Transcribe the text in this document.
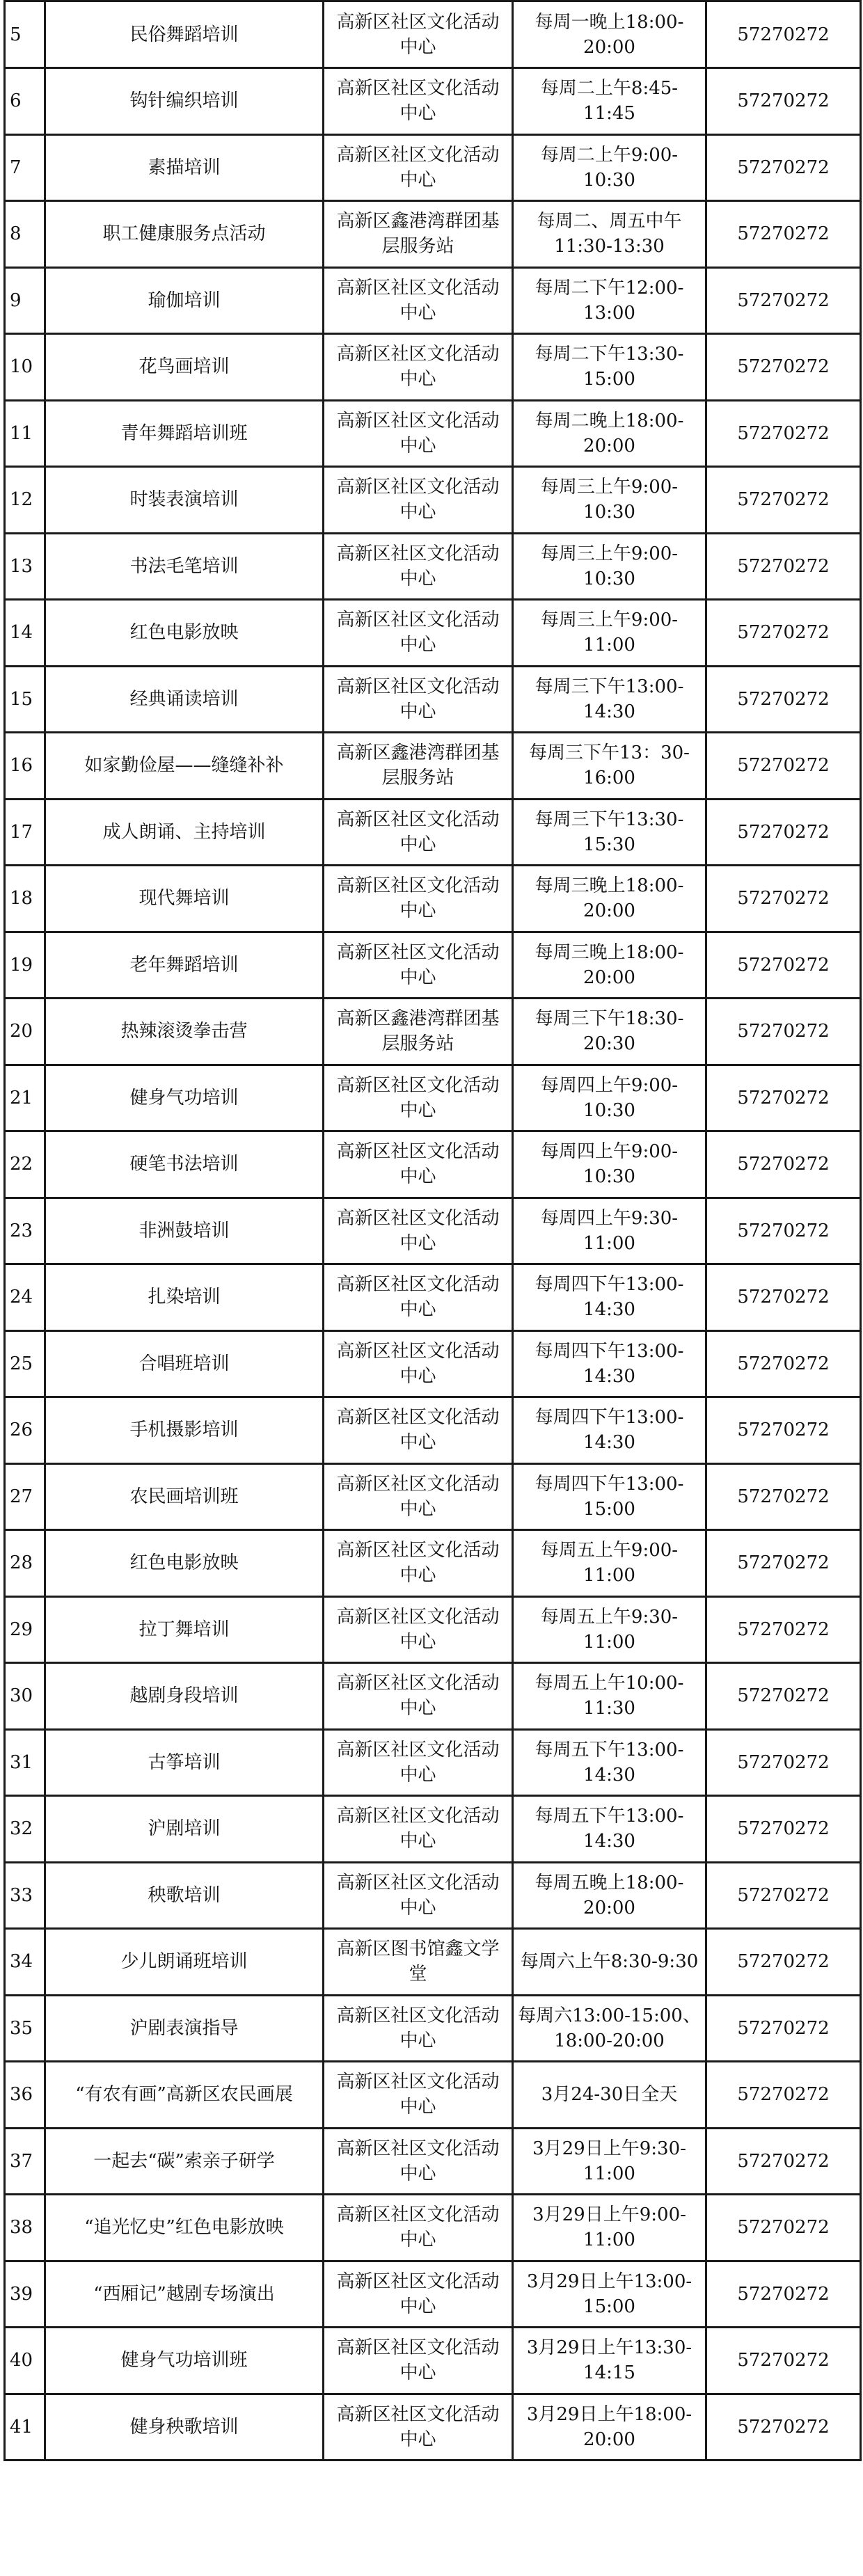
5	民俗舞蹈培训	高新区社区文化活动中心	每周一晚上18:00-20:00	57270272
6	钩针编织培训	高新区社区文化活动中心	每周二上午8:45-11:45	57270272
7	素描培训	高新区社区文化活动中心	每周二上午9:00-10:30	57270272
8	职工健康服务点活动	高新区鑫港湾群团基层服务站	每周二、周五中午11:30-13:30	57270272
9	瑜伽培训	高新区社区文化活动中心	每周二下午12:00-13:00	57270272
10	花鸟画培训	高新区社区文化活动中心	每周二下午13:30-15:00	57270272
11	青年舞蹈培训班	高新区社区文化活动中心	每周二晚上18:00-20:00	57270272
12	时装表演培训	高新区社区文化活动中心	每周三上午9:00-10:30	57270272
13	书法毛笔培训	高新区社区文化活动中心	每周三上午9:00-10:30	57270272
14	红色电影放映	高新区社区文化活动中心	每周三上午9:00-11:00	57270272
15	经典诵读培训	高新区社区文化活动中心	每周三下午13:00-14:30	57270272
16	如家勤俭屋——缝缝补补	高新区鑫港湾群团基层服务站	每周三下午13：30-16:00	57270272
17	成人朗诵、主持培训	高新区社区文化活动中心	每周三下午13:30-15:30	57270272
18	现代舞培训	高新区社区文化活动中心	每周三晚上18:00-20:00	57270272
19	老年舞蹈培训	高新区社区文化活动中心	每周三晚上18:00-20:00	57270272
20	热辣滚烫拳击营	高新区鑫港湾群团基层服务站	每周三下午18:30-20:30	57270272
21	健身气功培训	高新区社区文化活动中心	每周四上午9:00-10:30	57270272
22	硬笔书法培训	高新区社区文化活动中心	每周四上午9:00-10:30	57270272
23	非洲鼓培训	高新区社区文化活动中心	每周四上午9:30-11:00	57270272
24	扎染培训	高新区社区文化活动中心	每周四下午13:00-14:30	57270272
25	合唱班培训	高新区社区文化活动中心	每周四下午13:00-14:30	57270272
26	手机摄影培训	高新区社区文化活动中心	每周四下午13:00-14:30	57270272
27	农民画培训班	高新区社区文化活动中心	每周四下午13:00-15:00	57270272
28	红色电影放映	高新区社区文化活动中心	每周五上午9:00-11:00	57270272
29	拉丁舞培训	高新区社区文化活动中心	每周五上午9:30-11:00	57270272
30	越剧身段培训	高新区社区文化活动中心	每周五上午10:00-11:30	57270272
31	古筝培训	高新区社区文化活动中心	每周五下午13:00-14:30	57270272
32	沪剧培训	高新区社区文化活动中心	每周五下午13:00-14:30	57270272
33	秧歌培训	高新区社区文化活动中心	每周五晚上18:00-20:00	57270272
34	少儿朗诵班培训	高新区图书馆鑫文学堂	每周六上午8:30-9:30	57270272
35	沪剧表演指导	高新区社区文化活动中心	每周六13:00-15:00、18:00-20:00	57270272
36	“有农有画”高新区农民画展	高新区社区文化活动中心	3月24-30日全天	57270272
37	一起去“碳”索亲子研学	高新区社区文化活动中心	3月29日上午9:30-11:00	57270272
38	“追光忆史”红色电影放映	高新区社区文化活动中心	3月29日上午9:00-11:00	57270272
39	“西厢记”越剧专场演出	高新区社区文化活动中心	3月29日上午13:00-15:00	57270272
40	健身气功培训班	高新区社区文化活动中心	3月29日上午13:30-14:15	57270272
41	健身秧歌培训	高新区社区文化活动中心	3月29日上午18:00-20:00	57270272
